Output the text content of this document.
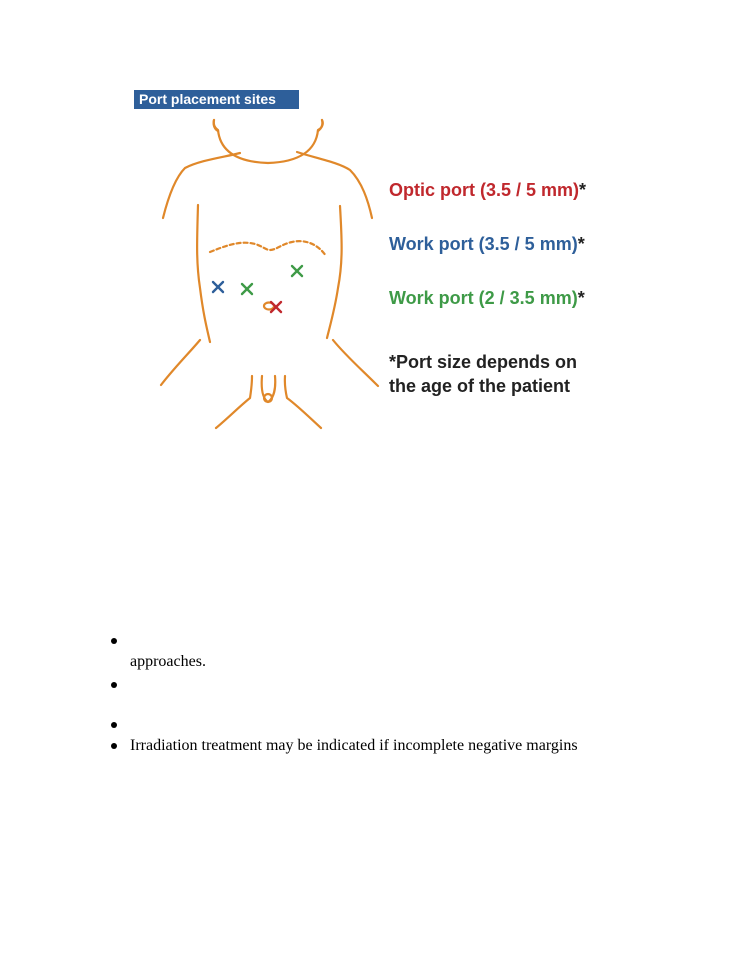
Port placement sites
Optic port (3.5 / 5 mm)*
Work port (3.5 / 5 mm)*
Work port (2 / 3.5 mm)*
*Port size depends on
the age of the patient
approaches.
Irradiation treatment may be indicated if incomplete negative margins
